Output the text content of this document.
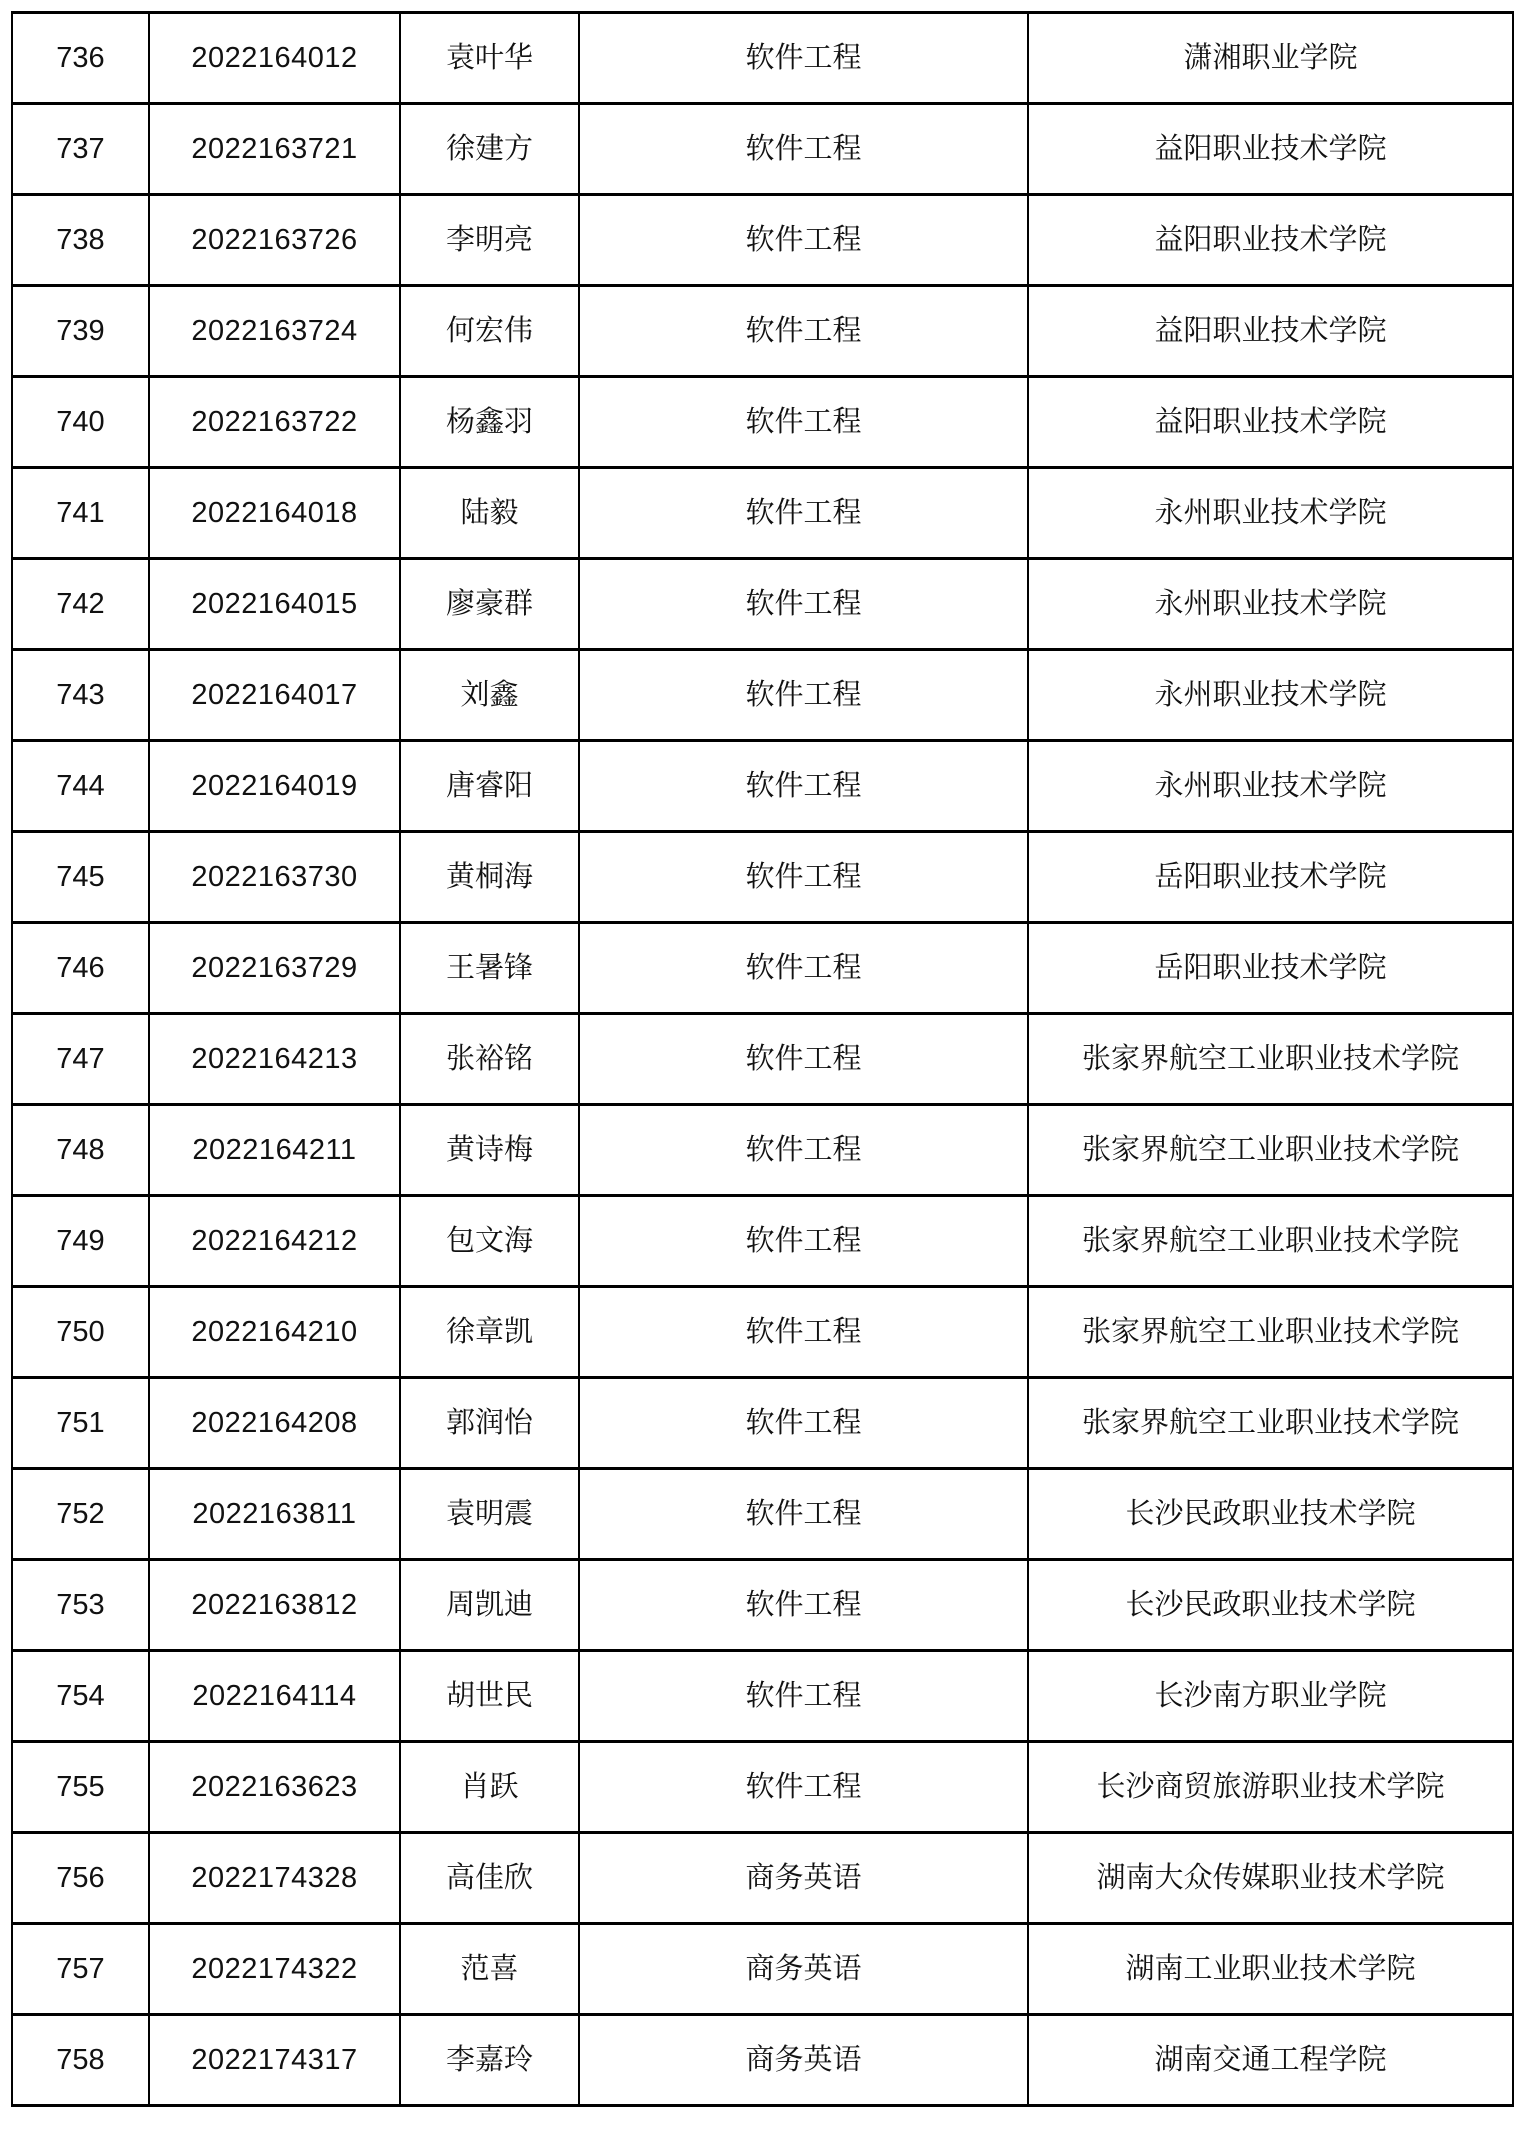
736	2022164012	袁叶华	软件工程	潇湘职业学院
737	2022163721	徐建方	软件工程	益阳职业技术学院
738	2022163726	李明亮	软件工程	益阳职业技术学院
739	2022163724	何宏伟	软件工程	益阳职业技术学院
740	2022163722	杨鑫羽	软件工程	益阳职业技术学院
741	2022164018	陆毅	软件工程	永州职业技术学院
742	2022164015	廖豪群	软件工程	永州职业技术学院
743	2022164017	刘鑫	软件工程	永州职业技术学院
744	2022164019	唐睿阳	软件工程	永州职业技术学院
745	2022163730	黄桐海	软件工程	岳阳职业技术学院
746	2022163729	王暑锋	软件工程	岳阳职业技术学院
747	2022164213	张裕铭	软件工程	张家界航空工业职业技术学院
748	2022164211	黄诗梅	软件工程	张家界航空工业职业技术学院
749	2022164212	包文海	软件工程	张家界航空工业职业技术学院
750	2022164210	徐章凯	软件工程	张家界航空工业职业技术学院
751	2022164208	郭润怡	软件工程	张家界航空工业职业技术学院
752	2022163811	袁明震	软件工程	长沙民政职业技术学院
753	2022163812	周凯迪	软件工程	长沙民政职业技术学院
754	2022164114	胡世民	软件工程	长沙南方职业学院
755	2022163623	肖跃	软件工程	长沙商贸旅游职业技术学院
756	2022174328	高佳欣	商务英语	湖南大众传媒职业技术学院
757	2022174322	范喜	商务英语	湖南工业职业技术学院
758	2022174317	李嘉玲	商务英语	湖南交通工程学院
